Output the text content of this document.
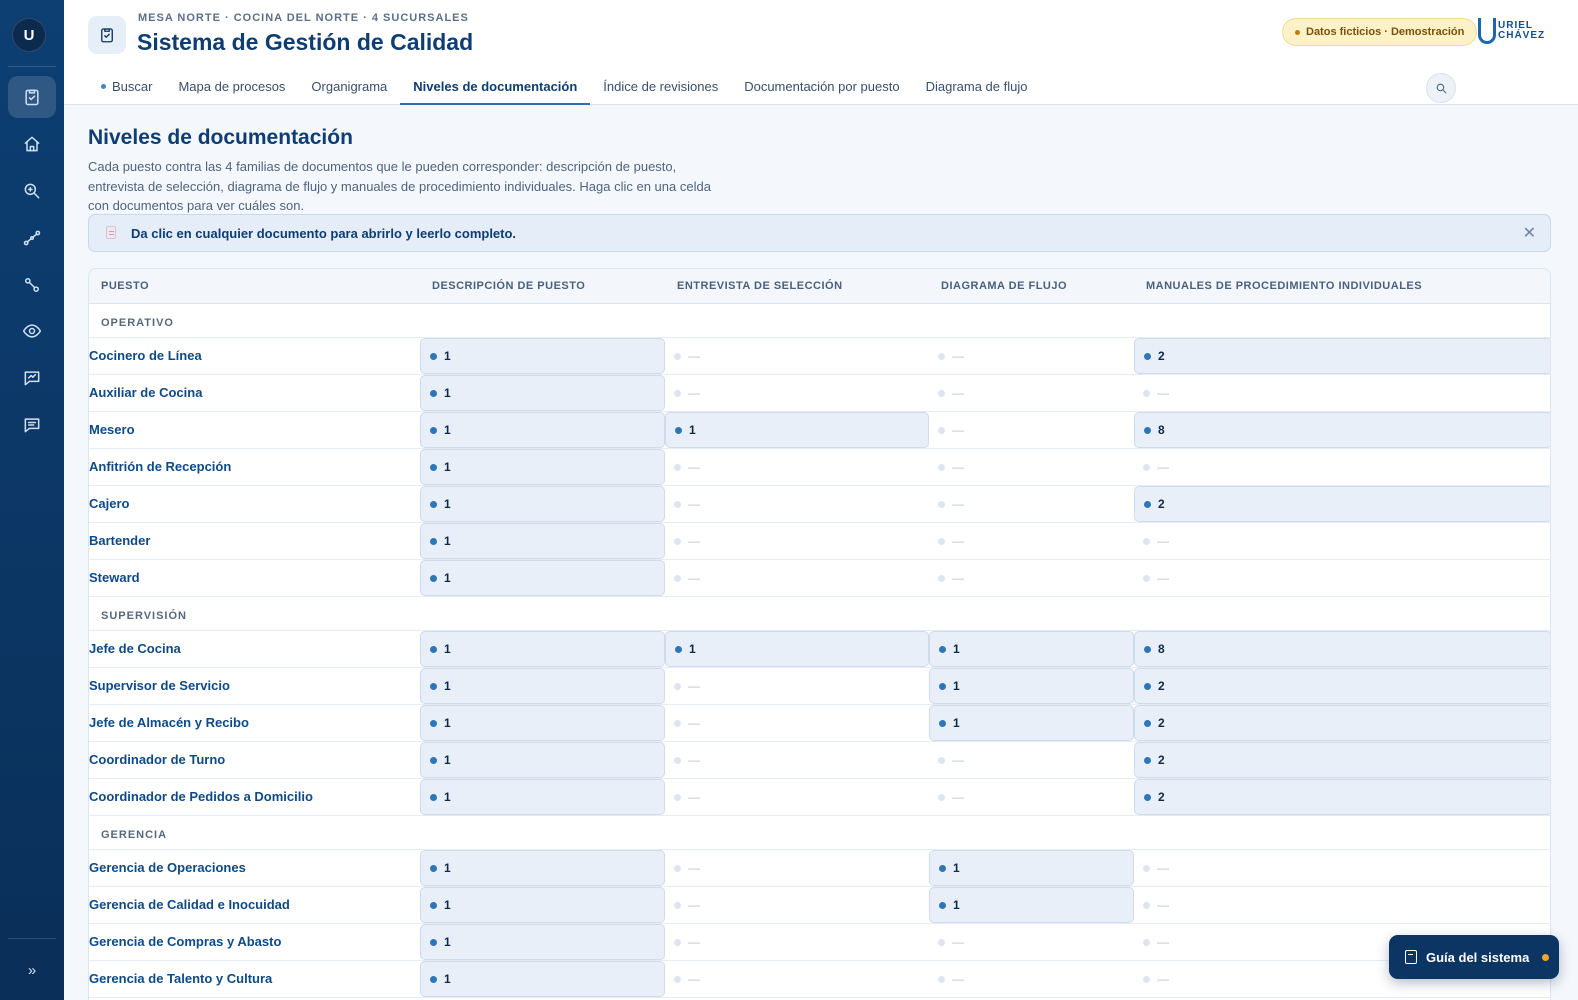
U
»
MESA NORTE · COCINA DEL NORTE · 4 SUCURSALES
Sistema de Gestión de Calidad	Datos ficticios · Demostración
URIEL
CHÁVEZ
Buscar Mapa de procesos Organigrama Niveles de documentación Índice de revisiones Documentación por puesto Diagrama de flujo
Niveles de documentación
Cada puesto contra las 4 familias de documentos que le pueden corresponder: descripción de puesto, entrevista de selección, diagrama de flujo y manuales de procedimiento individuales. Haga clic en una celda con documentos para ver cuáles son.
Da clic en cualquier documento para abrirlo y leerlo completo.	✕
PUESTO	DESCRIPCIÓN DE PUESTO	ENTREVISTA DE SELECCIÓN	DIAGRAMA DE FLUJO	MANUALES DE PROCEDIMIENTO INDIVIDUALES
OPERATIVO
Cocinero de Línea	1	—	—	2
Auxiliar de Cocina	1	—	—	—
Mesero	1	1	—	8
Anfitrión de Recepción	1	—	—	—
Cajero	1	—	—	2
Bartender	1	—	—	—
Steward	1	—	—	—
SUPERVISIÓN
Jefe de Cocina	1	1	1	8
Supervisor de Servicio	1	—	1	2
Jefe de Almacén y Recibo	1	—	1	2
Coordinador de Turno	1	—	—	2
Coordinador de Pedidos a Domicilio	1	—	—	2
GERENCIA
Gerencia de Operaciones	1	—	1	—
Gerencia de Calidad e Inocuidad	1	—	1	—
Gerencia de Compras y Abasto	1	—	—	—
Gerencia de Talento y Cultura	1	—	—	—
Guía del sistema
